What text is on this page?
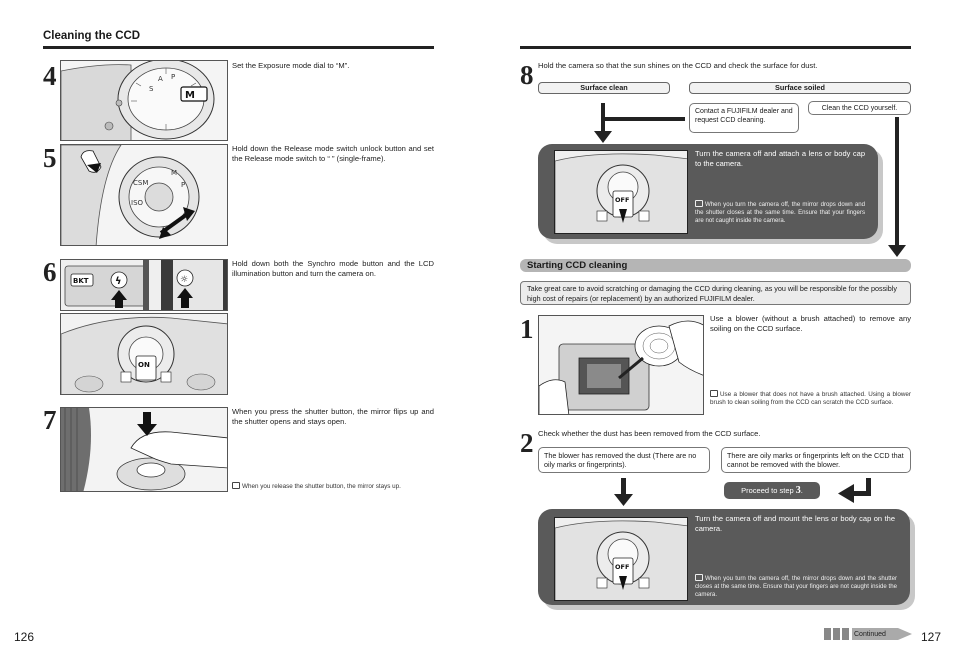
Cleaning the CCD
4	S
A P
M
Set the Exposure mode dial to “M”.
5
CSM
ISO
M
P
Hold down the Release mode switch unlock button and set the Release mode switch to “ ” (single-frame).
6 BKT	ϟ	☼
ON
Hold down both the Synchro mode button and the LCD illumination button and turn the camera on.
7	When you press the shutter button, the mirror flips up and the shutter opens and stays open.
When you release the shutter button, the mirror stays up.
126
8 Hold the camera so that the sun shines on the CCD and check the surface for dust.
Surface clean	Surface soiled
Contact a FUJIFILM dealer and request CCD cleaning.
Clean the CCD yourself.
OFF
Turn the camera off and attach a lens or body cap to the camera.
When you turn the camera off, the mirror drops down and the shutter closes at the same time. Ensure that your fingers are not caught inside the camera.
Starting CCD cleaning
Take great care to avoid scratching or damaging the CCD during cleaning, as you will be responsible for the possibly high cost of repairs (or replacement) by an authorized FUJIFILM dealer.
1	Use a blower (without a brush attached) to remove any soiling on the CCD surface.
Use a blower that does not have a brush attached. Using a blower brush to clean soiling from the CCD can scratch the CCD surface.
2 Check whether the dust has been removed from the CCD surface.
The blower has removed the dust (There are no oily marks or fingerprints).
There are oily marks or fingerprints left on the CCD that cannot be removed with the blower.
Proceed to step 3.
OFF
Turn the camera off and mount the lens or body cap on the camera.
When you turn the camera off, the mirror drops down and the shutter closes at the same time. Ensure that your fingers are not caught inside the camera.
Continued	127
